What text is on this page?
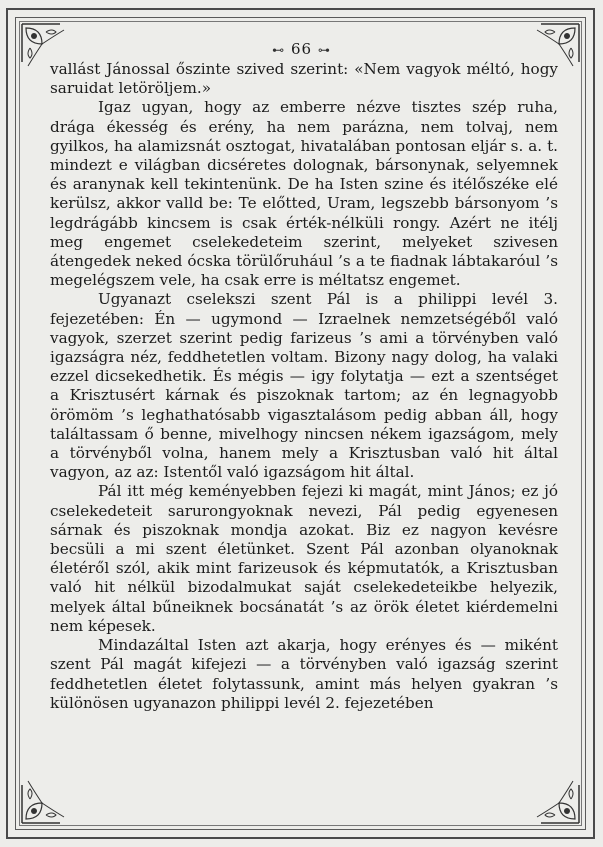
⊷ 66 ⊶

vallást Jánossal őszinte szived szerint: «Nem vagyok méltó, hogy saruidat letöröljem.»

Igaz ugyan, hogy az emberre nézve tisztes szép ruha, drága ékesség és erény, ha nem parázna, nem tolvaj, nem gyilkos, ha alamizsnát osztogat, hivatalában pontosan eljár s. a. t. mindezt e világban dicséretes dolognak, bársonynak, selyemnek és aranynak kell tekintenünk. De ha Isten szine és itélőszéke elé kerülsz, akkor valld be: Te előtted, Uram, legszebb bársonyom ’s legdrágább kincsem is csak érték-nélküli rongy. Azért ne itélj meg engemet cselekedeteim szerint, melyeket szivesen átengedek neked ócska törülőruhául ’s a te fiadnak lábtakaróul ’s megelégszem vele, ha csak erre is méltatsz engemet.

Ugyanazt cselekszi szent Pál is a philippi levél 3. fejezetében: Én — ugymond — Izraelnek nemzetségéből való vagyok, szerzet szerint pedig farizeus ’s ami a törvényben való igazságra néz, feddhetetlen voltam. Bizony nagy dolog, ha valaki ezzel dicsekedhetik. És mégis — igy folytatja — ezt a szentséget a Krisztusért kárnak és piszoknak tartom; az én legnagyobb örömöm ’s leghathatósabb vigasztalásom pedig abban áll, hogy találtassam ő benne, mivelhogy nincsen nékem igazságom, mely a törvényből volna, hanem mely a Krisztusban való hit által vagyon, az az: Istentől való igazságom hit által.

Pál itt még keményebben fejezi ki magát, mint János; ez jó cselekedeteit sarurongyoknak nevezi, Pál pedig egyenesen sárnak és piszoknak mondja azokat. Biz ez nagyon kevésre becsüli a mi szent életünket. Szent Pál azonban olyanoknak életéről szól, akik mint farizeusok és képmutatók, a Krisztusban való hit nélkül bizodalmukat saját cselekedeteikbe helyezik, melyek által bűneiknek bocsánatát ’s az örök életet kiérdemelni nem képesek.

Mindazáltal Isten azt akarja, hogy erényes és — miként szent Pál magát kifejezi — a törvényben való igazság szerint feddhetetlen életet folytassunk, amint más helyen gyakran ’s különösen ugyanazon philippi levél 2. fejezetében
